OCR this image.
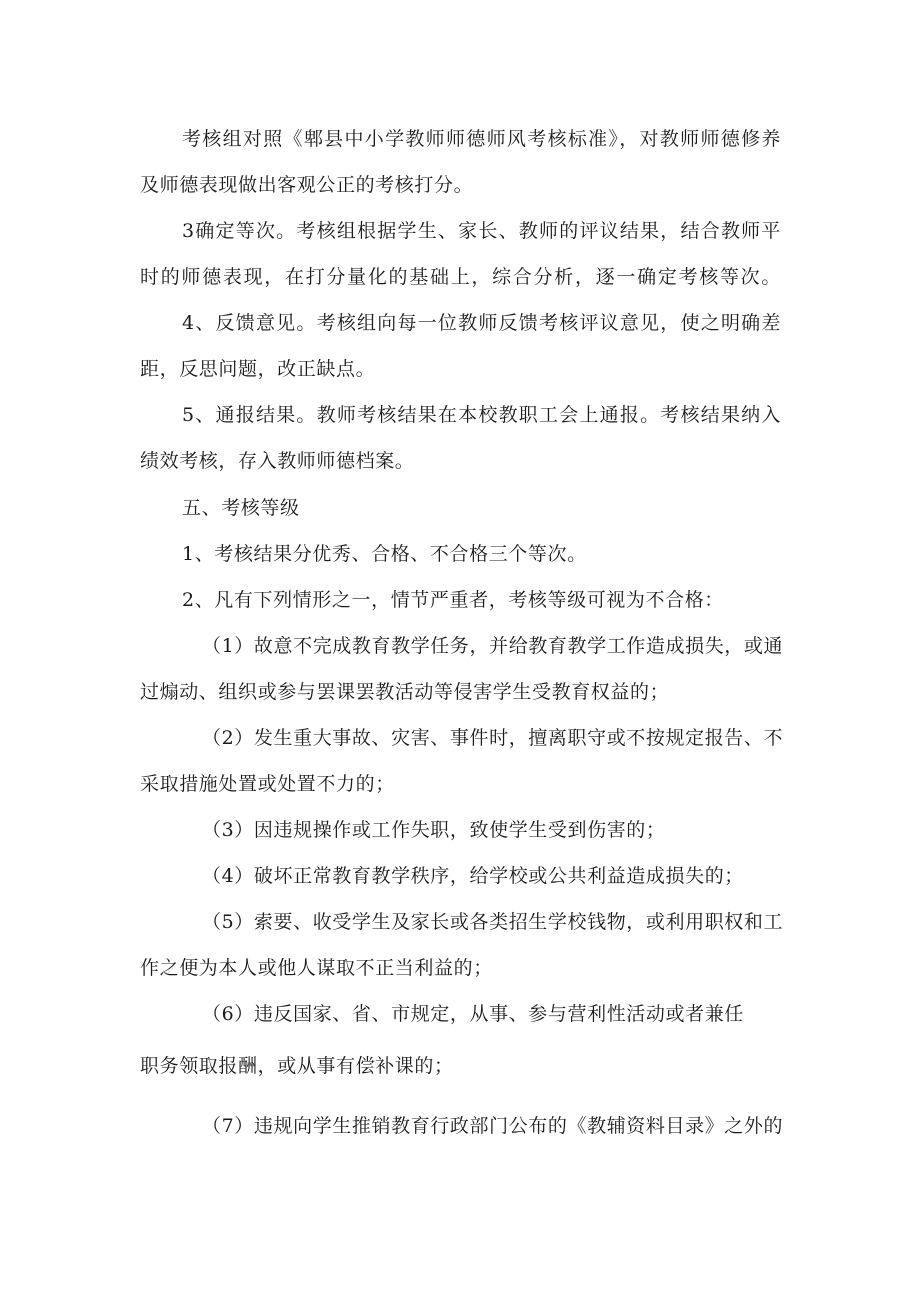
考核组对照《郫县中小学教师师德师风考核标准》，对教师师德修养
及师德表现做出客观公正的考核打分。
3确定等次。考核组根据学生、家长、教师的评议结果，结合教师平
时的师德表现，在打分量化的基础上，综合分析，逐一确定考核等次。
4、反馈意见。考核组向每一位教师反馈考核评议意见，使之明确差
距，反思问题，改正缺点。
5、通报结果。教师考核结果在本校教职工会上通报。考核结果纳入
绩效考核，存入教师师德档案。
五、考核等级
1、考核结果分优秀、合格、不合格三个等次。
2、凡有下列情形之一，情节严重者，考核等级可视为不合格：
（1）故意不完成教育教学任务，并给教育教学工作造成损失，或通
过煽动、组织或参与罢课罢教活动等侵害学生受教育权益的；
（2）发生重大事故、灾害、事件时，擅离职守或不按规定报告、不
采取措施处置或处置不力的；
（3）因违规操作或工作失职，致使学生受到伤害的；
（4）破坏正常教育教学秩序，给学校或公共利益造成损失的；
（5）索要、收受学生及家长或各类招生学校钱物，或利用职权和工
作之便为本人或他人谋取不正当利益的；
（6）违反国家、省、市规定，从事、参与营利性活动或者兼任
职务领取报酬，或从事有偿补课的；
（7）违规向学生推销教育行政部门公布的《教辅资料目录》之外的
